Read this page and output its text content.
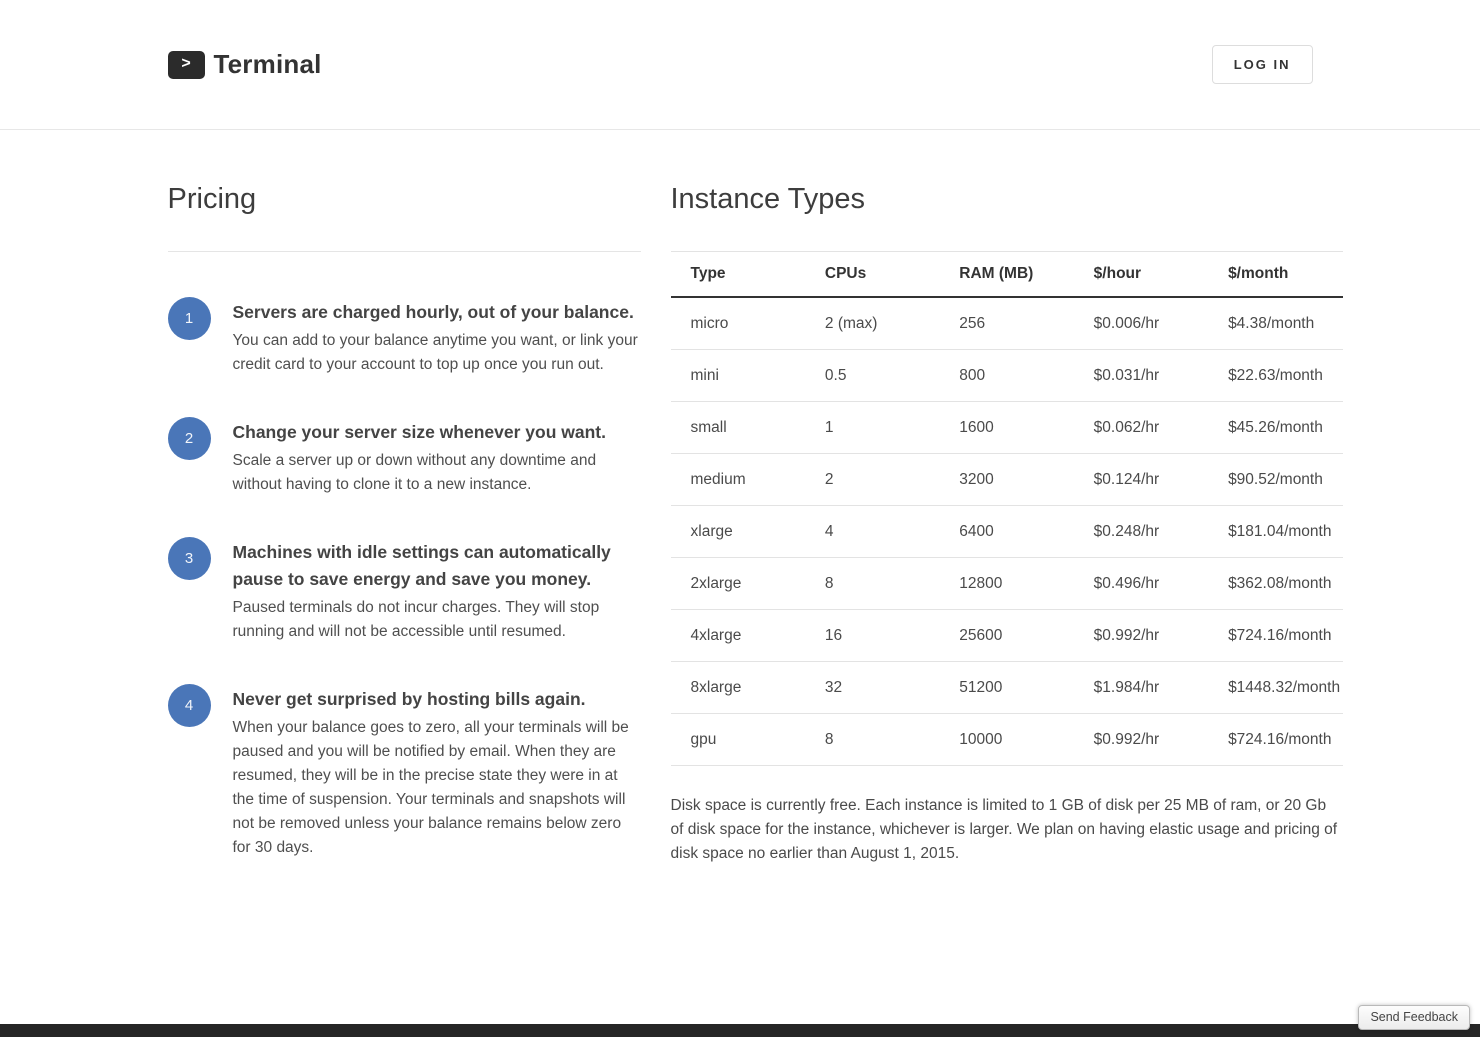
> Terminal	LOG IN
Pricing
1	Servers are charged hourly, out of your balance.
You can add to your balance anytime you want, or link your credit card to your account to top up once you run out.
2	Change your server size whenever you want.
Scale a server up or down without any downtime and without having to clone it to a new instance.
3	Machines with idle settings can automatically pause to save energy and save you money.
Paused terminals do not incur charges. They will stop running and will not be accessible until resumed.
4	Never get surprised by hosting bills again.
When your balance goes to zero, all your terminals will be paused and you will be notified by email. When they are resumed, they will be in the precise state they were in at the time of suspension. Your terminals and snapshots will not be removed unless your balance remains below zero for 30 days.
Instance Types
Type	CPUs	RAM (MB)	$/hour	$/month
micro	2 (max)	256	$0.006/hr	$4.38/month
mini	0.5	800	$0.031/hr	$22.63/month
small	1	1600	$0.062/hr	$45.26/month
medium	2	3200	$0.124/hr	$90.52/month
xlarge	4	6400	$0.248/hr	$181.04/month
2xlarge	8	12800	$0.496/hr	$362.08/month
4xlarge	16	25600	$0.992/hr	$724.16/month
8xlarge	32	51200	$1.984/hr	$1448.32/month
gpu	8	10000	$0.992/hr	$724.16/month

Disk space is currently free. Each instance is limited to 1 GB of disk per 25 MB of ram, or 20 Gb of disk space for the instance, whichever is larger. We plan on having elastic usage and pricing of disk space no earlier than August 1, 2015.

Send Feedback
